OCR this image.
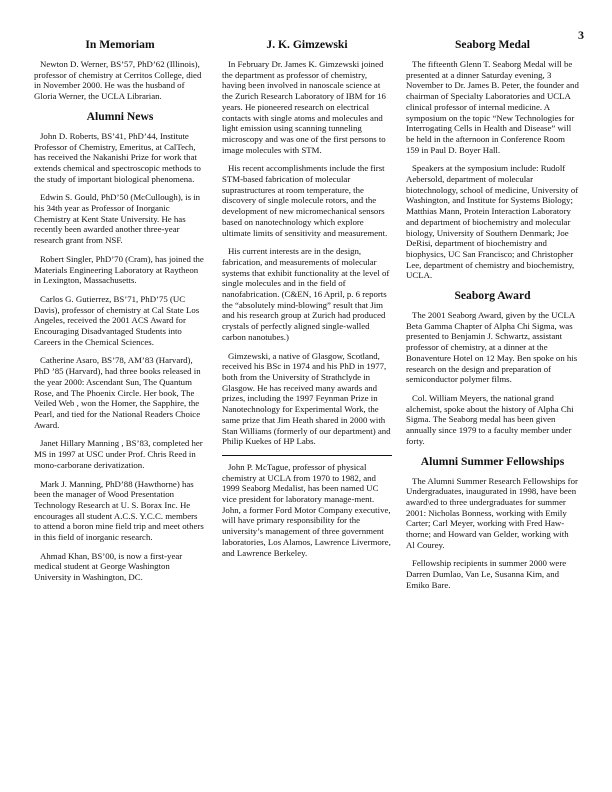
3
In Memoriam

Newton D. Werner, BS’57, PhD’62 (Illinois), professor of chemistry at Cerritos College, died in November 2000. He was the husband of Gloria Werner, the UCLA Librarian.

Alumni News

John D. Roberts, BS’41, PhD’44, Institute Professor of Chemistry, Emeritus, at CalTech, has received the Nakanishi Prize for work that extends chemical and spectroscopic methods to the study of important biological phenomena.

Edwin S. Gould, PhD’50 (McCullough), is in his 34th year as Professor of Inorganic Chemistry at Kent State University. He has recently been awarded another three-year research grant from NSF.

Robert Singler, PhD’70 (Cram), has joined the Materials Engineering Laboratory at Raytheon in Lexington, Massachusetts.

Carlos G. Gutierrez, BS’71, PhD’75 (UC Davis), professor of chemistry at Cal State Los Angeles, received the 2001 ACS Award for Encouraging Disadvantaged Students into Careers in the Chemical Sciences.

Catherine Asaro, BS’78, AM’83 (Harvard), PhD ’85 (Harvard), had three books released in the year 2000: Ascendant Sun, The Quantum Rose, and The Phoenix Circle. Her book, The Veiled Web , won the Homer, the Sapphire, the Pearl, and tied for the National Readers Choice Award.

Janet Hillary Manning , BS’83, completed her MS in 1997 at USC under Prof. Chris Reed in mono-carborane derivatization.

Mark J. Manning, PhD’88 (Hawthorne) has been the manager of Wood Presentation Technology Research at U. S. Borax Inc. He encourages all student A.C.S. Y.C.C. members to attend a boron mine field trip and meet others in this field of inorganic research.

Ahmad Khan, BS’00, is now a first-year medical student at George Washington University in Washington, DC.

J. K. Gimzewski

In February Dr. James K. Gimzewski joined the department as professor of chemistry, having been involved in nanoscale science at the Zurich Research Laboratory of IBM for 16 years. He pioneered research on electrical contacts with single atoms and molecules and light emission using scanning tunneling microscopy and was one of the first persons to image molecules with STM.

His recent accomplishments include the first STM-based fabrication of molecular suprastructures at room temperature, the discovery of single molecule rotors, and the development of new micromechanical sensors based on nanotechnology which explore ultimate limits of sensitivity and measurement.

His current interests are in the design, fabrication, and measurements of molecular systems that exhibit functionality at the level of single molecules and in the field of nanofabrication. (C&EN, 16 April, p. 6 reports the “absolutely mind-blowing” result that Jim and his research group at Zurich had produced crystals of perfectly aligned single-walled carbon nanotubes.)

Gimzewski, a native of Glasgow, Scotland, received his BSc in 1974 and his PhD in 1977, both from the University of Strathclyde in Glasgow. He has received many awards and prizes, including the 1997 Feynman Prize in Nanotechnology for Experimental Work, the same prize that Jim Heath shared in 2000 with Stan Williams (formerly of our department) and Philip Kuekes of HP Labs.

John P. McTague, professor of physical chemistry at UCLA from 1970 to 1982, and 1999 Seaborg Medalist, has been named UC vice president for laboratory manage-ment. John, a former Ford Motor Company executive, will have primary responsibility for the university’s management of three government laboratories, Los Alamos, Lawrence Livermore, and Lawrence Berkeley.

Seaborg Medal

The fifteenth Glenn T. Seaborg Medal will be presented at a dinner Saturday evening, 3 November to Dr. James B. Peter, the founder and chairman of Specialty Laboratories and UCLA clinical professor of internal medicine. A symposium on the topic “New Technologies for Interrogating Cells in Health and Disease” will be held in the afternoon in Conference Room 159 in Paul D. Boyer Hall.

Speakers at the symposium include: Rudolf Aebersold, department of molecular biotechnology, school of medicine, University of Washington, and Institute for Systems Biology; Matthias Mann, Protein Interaction Laboratory and department of biochemistry and molecular biology, University of Southern Denmark; Joe DeRisi, department of biochemistry and biophysics, UC San Francisco; and Christopher Lee, department of chemistry and biochemistry, UCLA.

Seaborg Award

The 2001 Seaborg Award, given by the UCLA Beta Gamma Chapter of Alpha Chi Sigma, was presented to Benjamin J. Schwartz, assistant professor of chemistry, at a dinner at the Bonaventure Hotel on 12 May. Ben spoke on his research on the design and preparation of semiconductor polymer films.

Col. William Meyers, the national grand alchemist, spoke about the history of Alpha Chi Sigma. The Seaborg medal has been given annually since 1979 to a faculty member under forty.

Alumni Summer Fellowships

The Alumni Summer Research Fellowships for Undergraduates, inaugurated in 1998, have been award\ed to three undergraduates for summer 2001: Nicholas Bonness, working with Emily Carter; Carl Meyer, working with Fred Haw-thorne; and Howard van Gelder, working with Al Courey.

Fellowship recipients in summer 2000 were Darren Dumlao, Van Le, Susanna Kim, and Emiko Bare.
